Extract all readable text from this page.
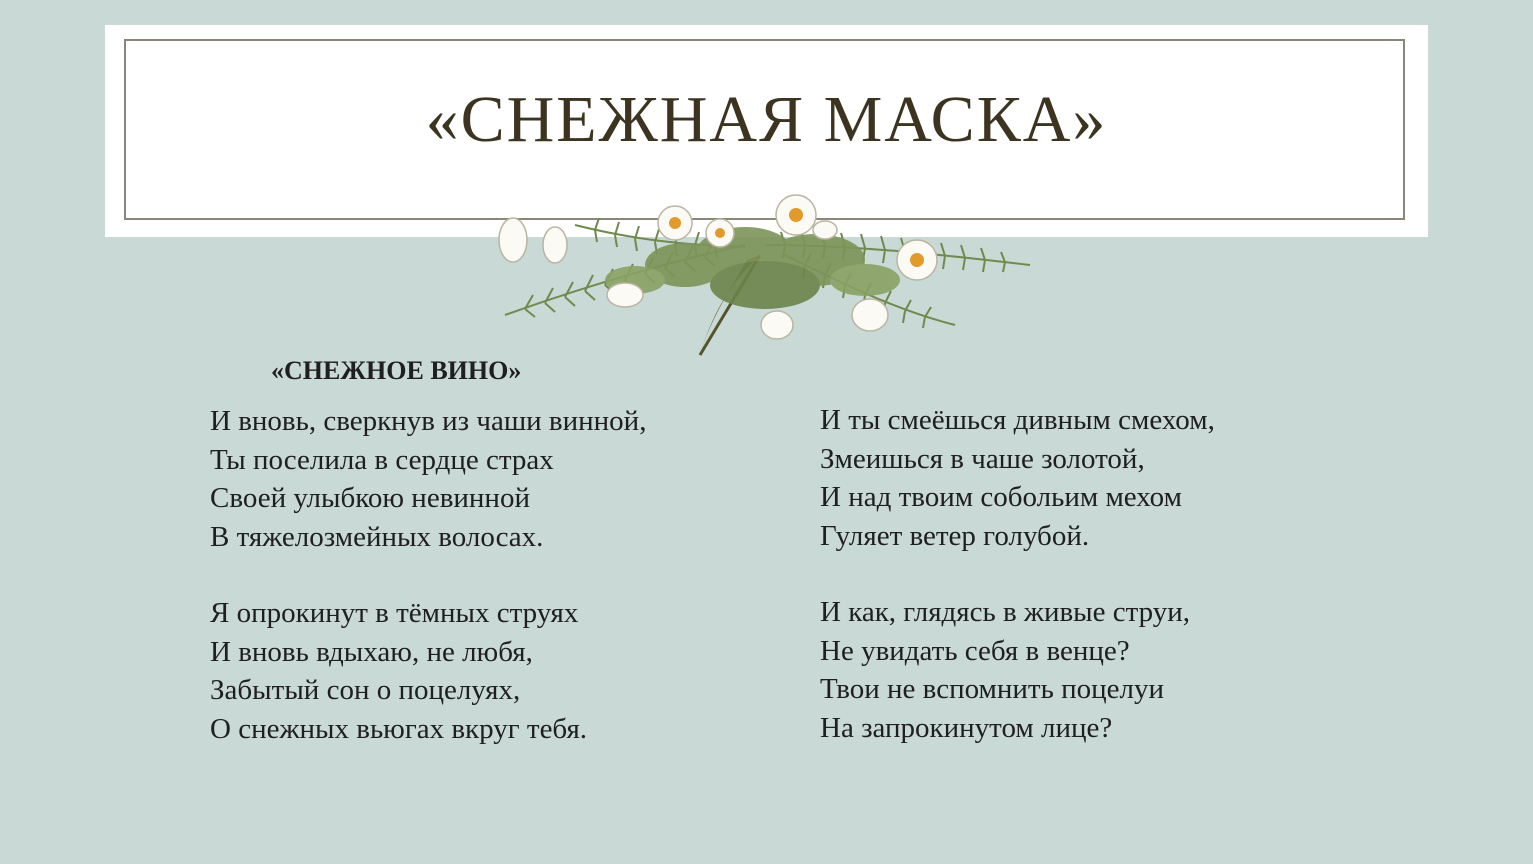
«СНЕЖНАЯ МАСКА»
«СНЕЖНОЕ ВИНО»
И вновь, сверкнув из чаши винной,
Ты поселила в сердце страх
Своей улыбкою невинной
В тяжелозмейных волосах.
Я опрокинут в тёмных струях
И вновь вдыхаю, не любя,
Забытый сон о поцелуях,
О снежных вьюгах вкруг тебя.
И ты смеёшься дивным смехом,
Змеишься в чаше золотой,
И над твоим собольим мехом
Гуляет ветер голубой.
И как, глядясь в живые струи,
Не увидать себя в венце?
Твои не вспомнить поцелуи
На запрокинутом лице?
